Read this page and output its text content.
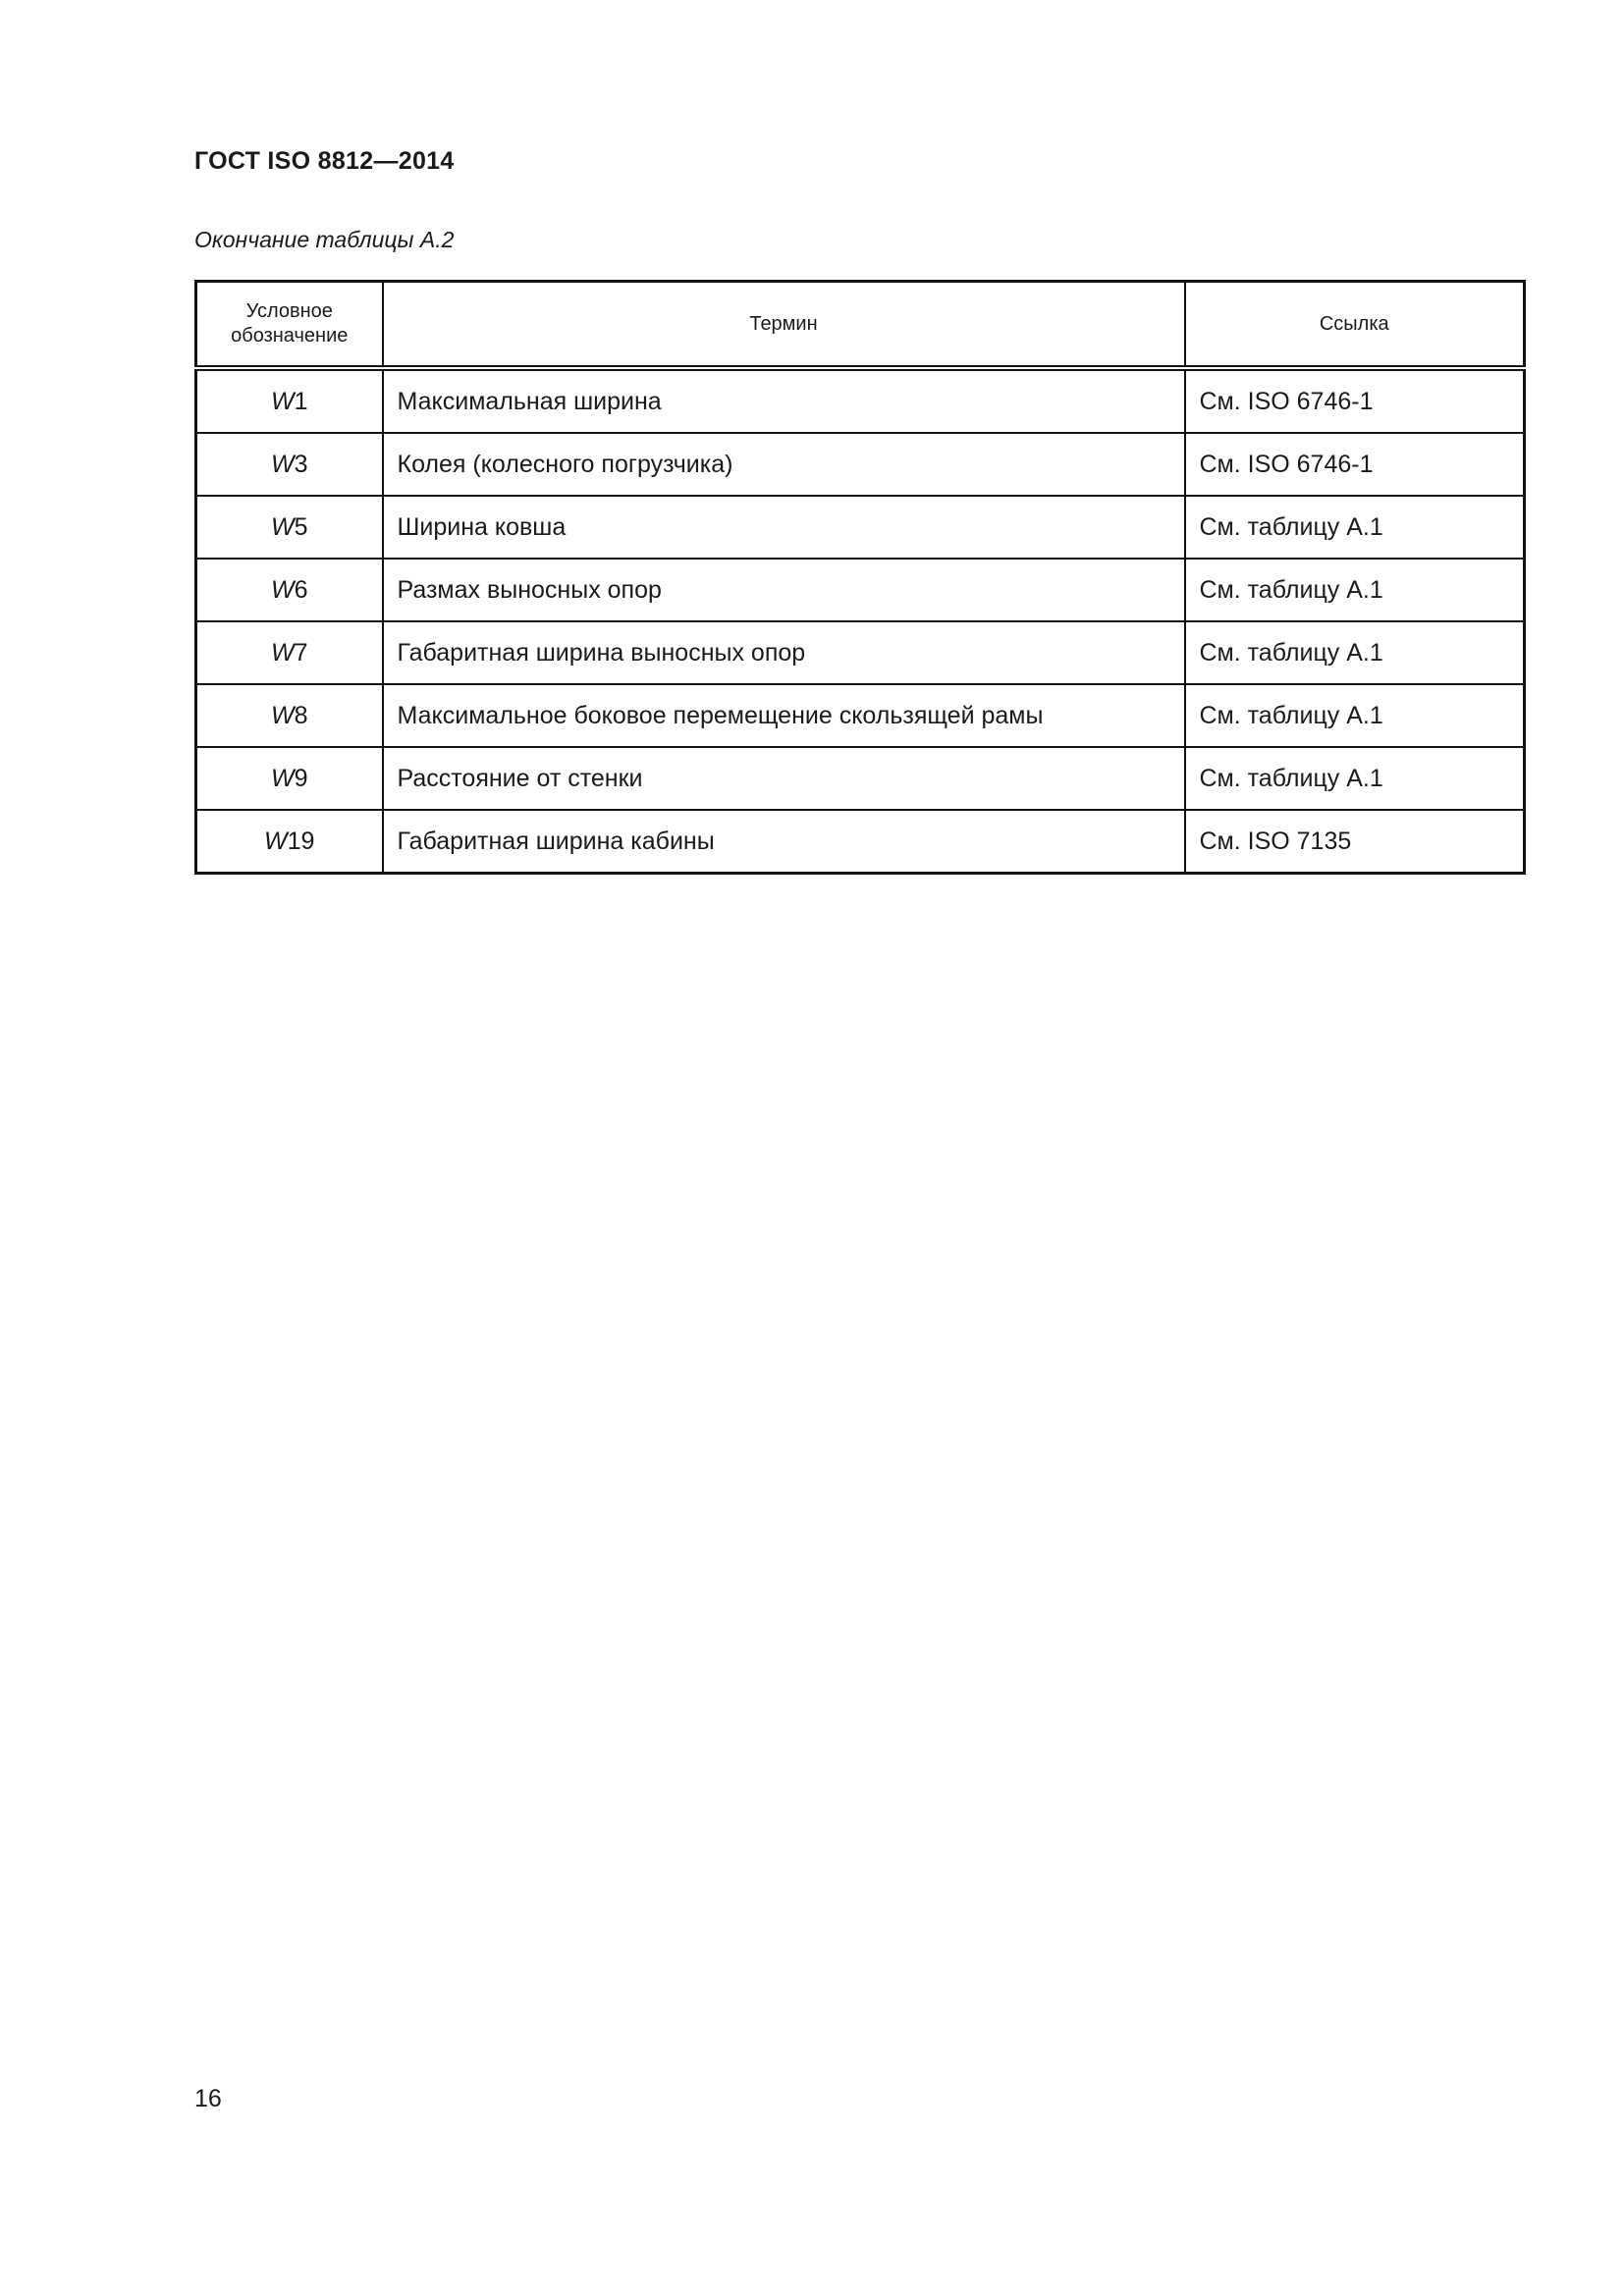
ГОСТ ISO 8812—2014

Окончание таблицы А.2

Условное обозначение	Термин	Ссылка
W1	Максимальная ширина	См. ISO 6746-1
W3	Колея (колесного погрузчика)	См. ISO 6746-1
W5	Ширина ковша	См. таблицу А.1
W6	Размах выносных опор	См. таблицу А.1
W7	Габаритная ширина выносных опор	См. таблицу А.1
W8	Максимальное боковое перемещение скользящей рамы	См. таблицу А.1
W9	Расстояние от стенки	См. таблицу А.1
W19	Габаритная ширина кабины	См. ISO 7135

16
